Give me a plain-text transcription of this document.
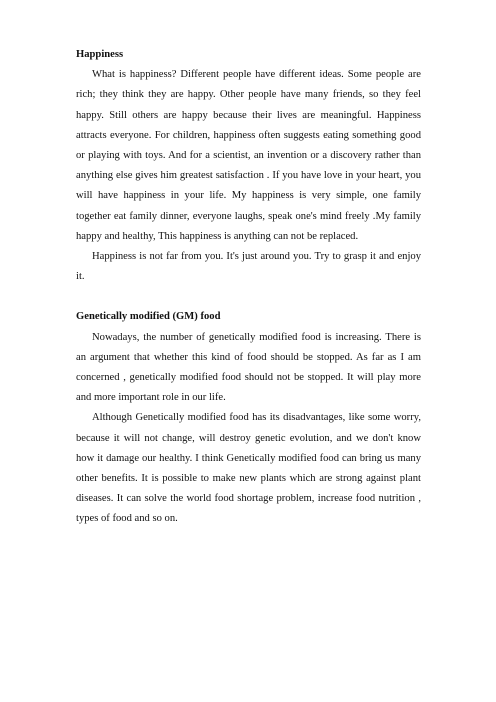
Happiness

What is happiness? Different people have different ideas. Some people are rich; they think they are happy. Other people have many friends, so they feel happy. Still others are happy because their lives are meaningful. Happiness attracts everyone. For children, happiness often suggests eating something good or playing with toys. And for a scientist, an invention or a discovery rather than anything else gives him greatest satisfaction . If you have love in your heart, you will have happiness in your life. My happiness is very simple, one family together eat family dinner, everyone laughs, speak one's mind freely .My family happy and healthy, This happiness is anything can not be replaced.

Happiness is not far from you. It's just around you. Try to grasp it and enjoy it.

Genetically modified (GM) food

Nowadays, the number of genetically modified food is increasing. There is an argument that whether this kind of food should be stopped. As far as I am concerned , genetically modified food should not be stopped. It will play more and more important role in our life.

Although Genetically modified food has its disadvantages, like some worry, because it will not change, will destroy genetic evolution, and we don't know how it damage our healthy. I think Genetically modified food can bring us many other benefits. It is possible to make new plants which are strong against plant diseases. It can solve the world food shortage problem, increase food nutrition , types of food and so on.
